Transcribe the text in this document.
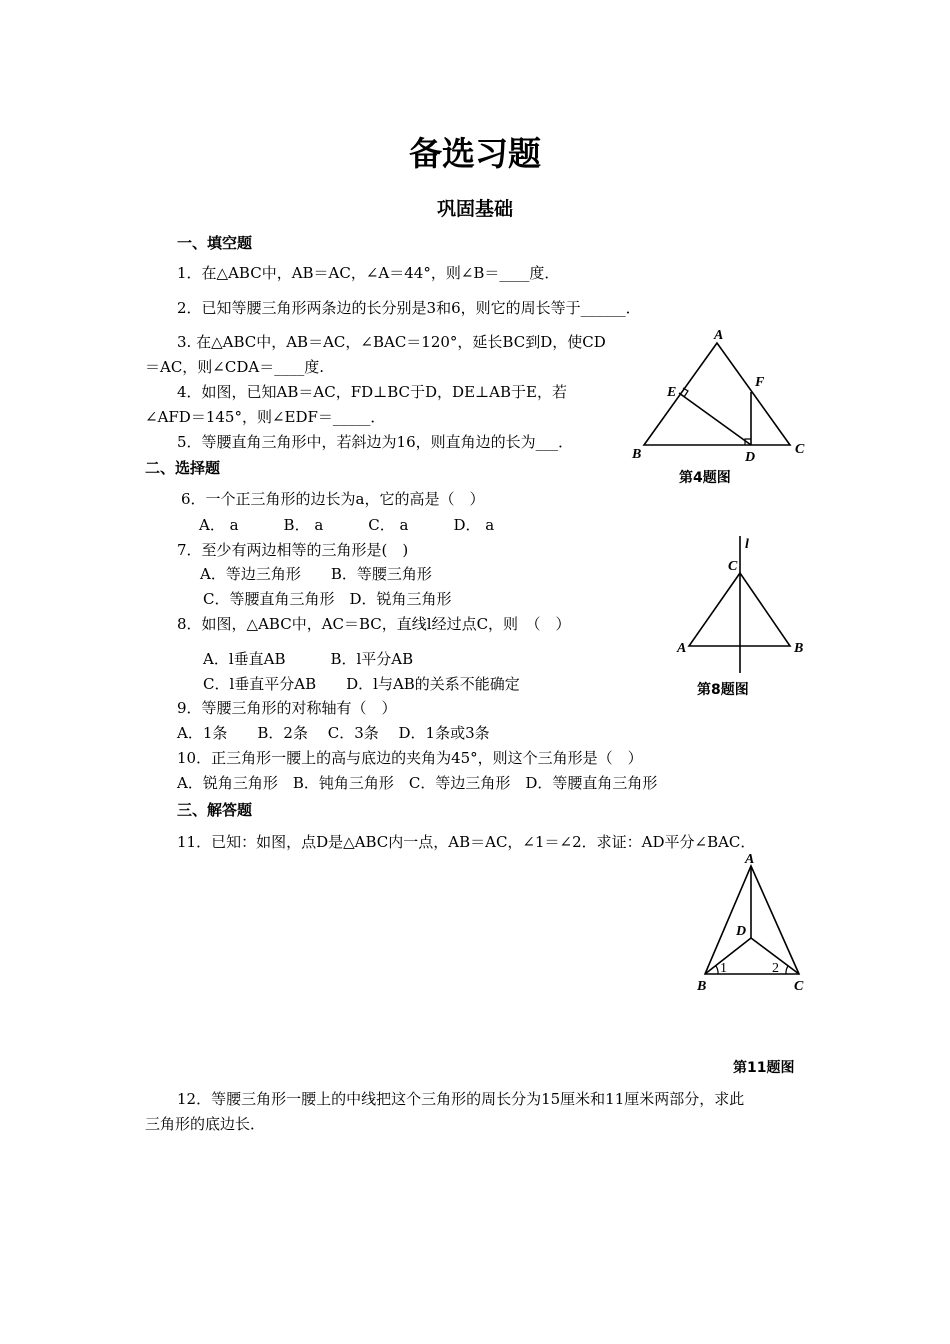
备选习题
巩固基础
一、填空题
1．在△ABC中，AB＝AC，∠A＝44°，则∠B＝____度．
2．已知等腰三角形两条边的长分别是3和6，则它的周长等于______．
3. 在△ABC中，AB＝AC，∠BAC＝120°，延长BC到D，使CD
＝AC，则∠CDA＝____度.
4．如图，已知AB＝AC，FD⊥BC于D，DE⊥AB于E，若
∠AFD＝145°，则∠EDF＝_____．
5．等腰直角三角形中，若斜边为16，则直角边的长为___．
二、选择题
6．一个正三角形的边长为a，它的高是（　）
A． a　　　B． a　　　C． a　　　D． a
7．至少有两边相等的三角形是(　)
A．等边三角形　　B．等腰三角形
C．等腰直角三角形　D．锐角三角形
8．如图，△ABC中，AC＝BC，直线l经过点C，则　（　）
A．l垂直AB　　　B．l平分AB
C．l垂直平分AB　　D．l与AB的关系不能确定
9．等腰三角形的对称轴有（　）
A．1条　　B．2条　 C．3条　 D．1条或3条
10．正三角形一腰上的高与底边的夹角为45°，则这个三角形是（　）
A．锐角三角形　B．钝角三角形　C．等边三角形　D．等腰直角三角形
三、解答题
11．已知：如图，点D是△ABC内一点，AB＝AC，∠1＝∠2．求证：AD平分∠BAC．
12．等腰三角形一腰上的中线把这个三角形的周长分为15厘米和11厘米两部分，求此
三角形的底边长．
A
B	C
D
E
F
第4题图
l
C
A	B
第8题图
A
D
B	C
1	2
第11题图
